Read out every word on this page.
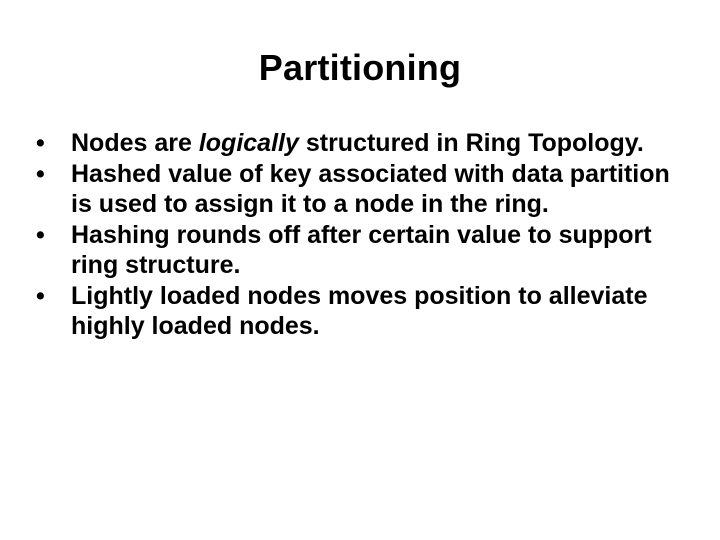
Partitioning
•	Nodes are logically structured in Ring Topology.
•	Hashed value of key associated with data partition is used to assign it to a node in the ring.
•	Hashing rounds off after certain value to support ring structure.
•	Lightly loaded nodes moves position to alleviate highly loaded nodes.
